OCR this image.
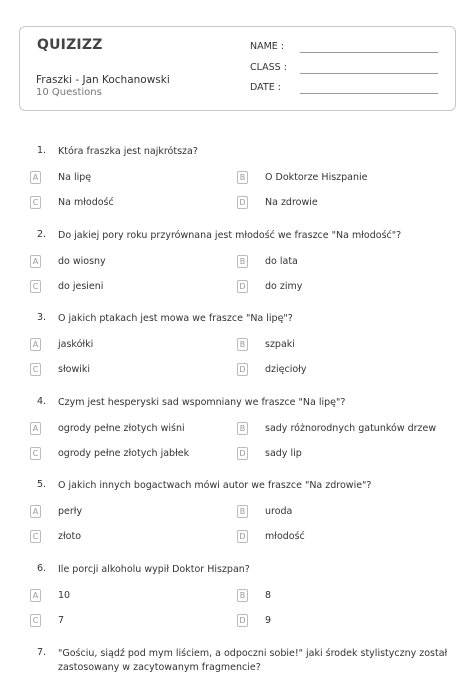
QUIZIZZ
Fraszki - Jan Kochanowski
10 Questions
NAME :
CLASS :
DATE :
1. Która fraszka jest najkrótsza?
A Na lipę	B O Doktorze Hiszpanie
C Na młodość	D Na zdrowie
2. Do jakiej pory roku przyrównana jest młodość we fraszce "Na młodość"?
A do wiosny	B do lata
C do jesieni	D do zimy
3. O jakich ptakach jest mowa we fraszce "Na lipę"?
A jaskółki	B szpaki
C słowiki	D dzięcioły
4. Czym jest hesperyski sad wspomniany we fraszce "Na lipę"?
A ogrody pełne złotych wiśni	B sady różnorodnych gatunków drzew
C ogrody pełne złotych jabłek	D sady lip
5. O jakich innych bogactwach mówi autor we fraszce "Na zdrowie"?
A perły	B uroda
C złoto	D młodość
6. Ile porcji alkoholu wypił Doktor Hiszpan?
A 10	B 8
C 7	D 9
7. "Gościu, siądź pod mym liściem, a odpoczni sobie!" jaki środek stylistyczny został zastosowany w zacytowanym fragmencie?
